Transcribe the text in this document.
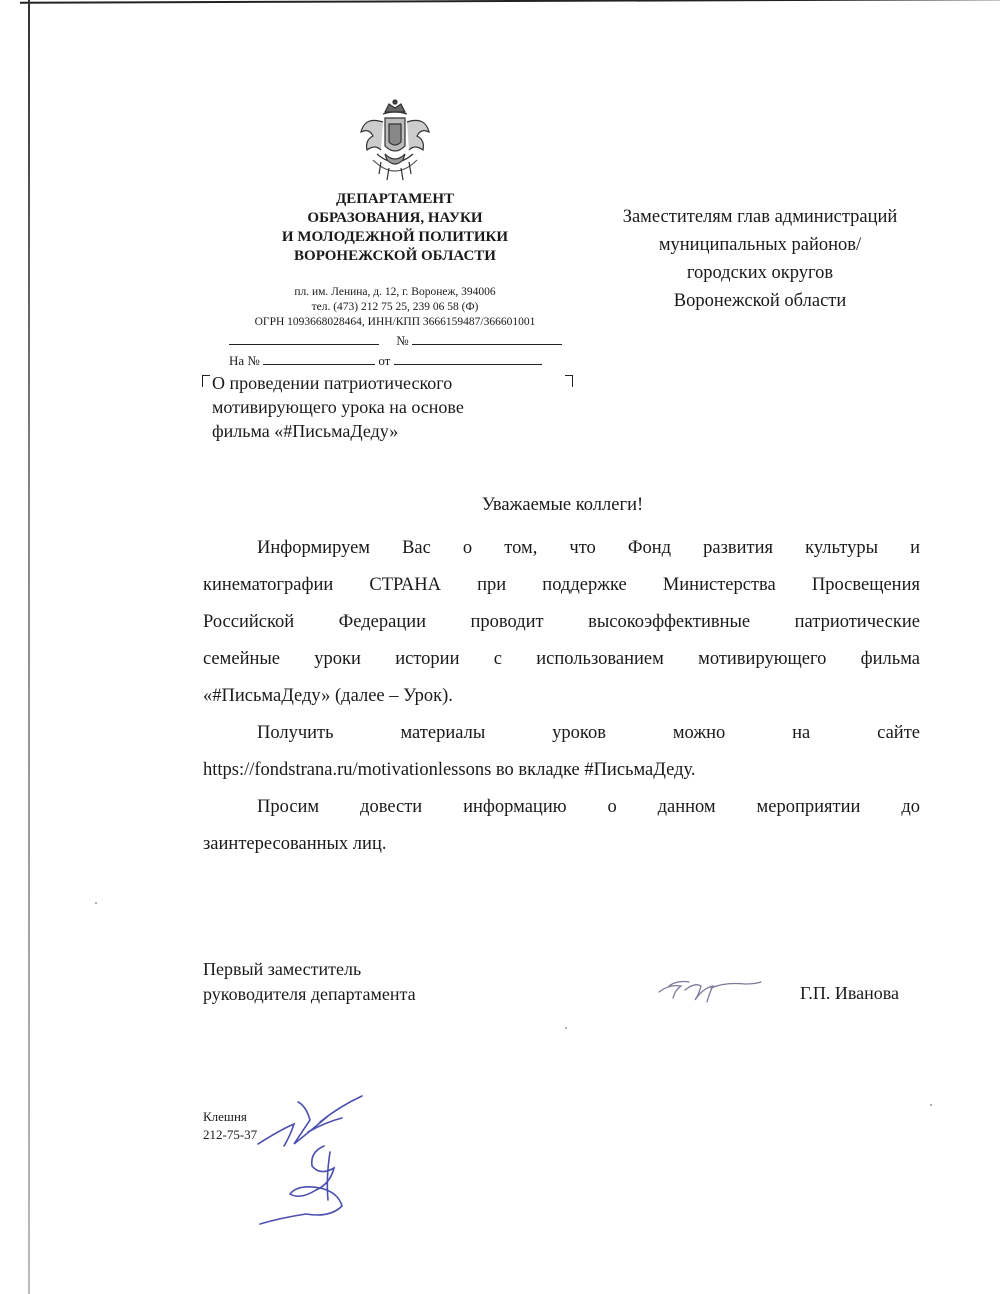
ДЕПАРТАМЕНТ
ОБРАЗОВАНИЯ, НАУКИ
И МОЛОДЕЖНОЙ ПОЛИТИКИ
ВОРОНЕЖСКОЙ ОБЛАСТИ
пл. им. Ленина, д. 12, г. Воронеж, 394006
тел. (473) 212 75 25, 239 06 58 (Ф)
ОГРН 1093668028464, ИНН/КПП 3666159487/366601001
№
На №	от
О проведении патриотического
мотивирующего урока на основе
фильма «#ПисьмаДеду»
Заместителям глав администраций
муниципальных районов/
городских округов
Воронежской области
Уважаемые коллеги!
Информируем Вас о том, что Фонд развития культуры и
кинематографии СТРАНА при поддержке Министерства Просвещения
Российской Федерации проводит высокоэффективные патриотические
семейные уроки истории с использованием мотивирующего фильма
«#ПисьмаДеду» (далее – Урок).
Получить материалы уроков можно на сайте
https://fondstrana.ru/motivationlessons во вкладке #ПисьмаДеду.
Просим довести информацию о данном мероприятии до
заинтересованных лиц.
Первый заместитель
руководителя департамента	Г.П. Иванова
Клешня
212-75-37
